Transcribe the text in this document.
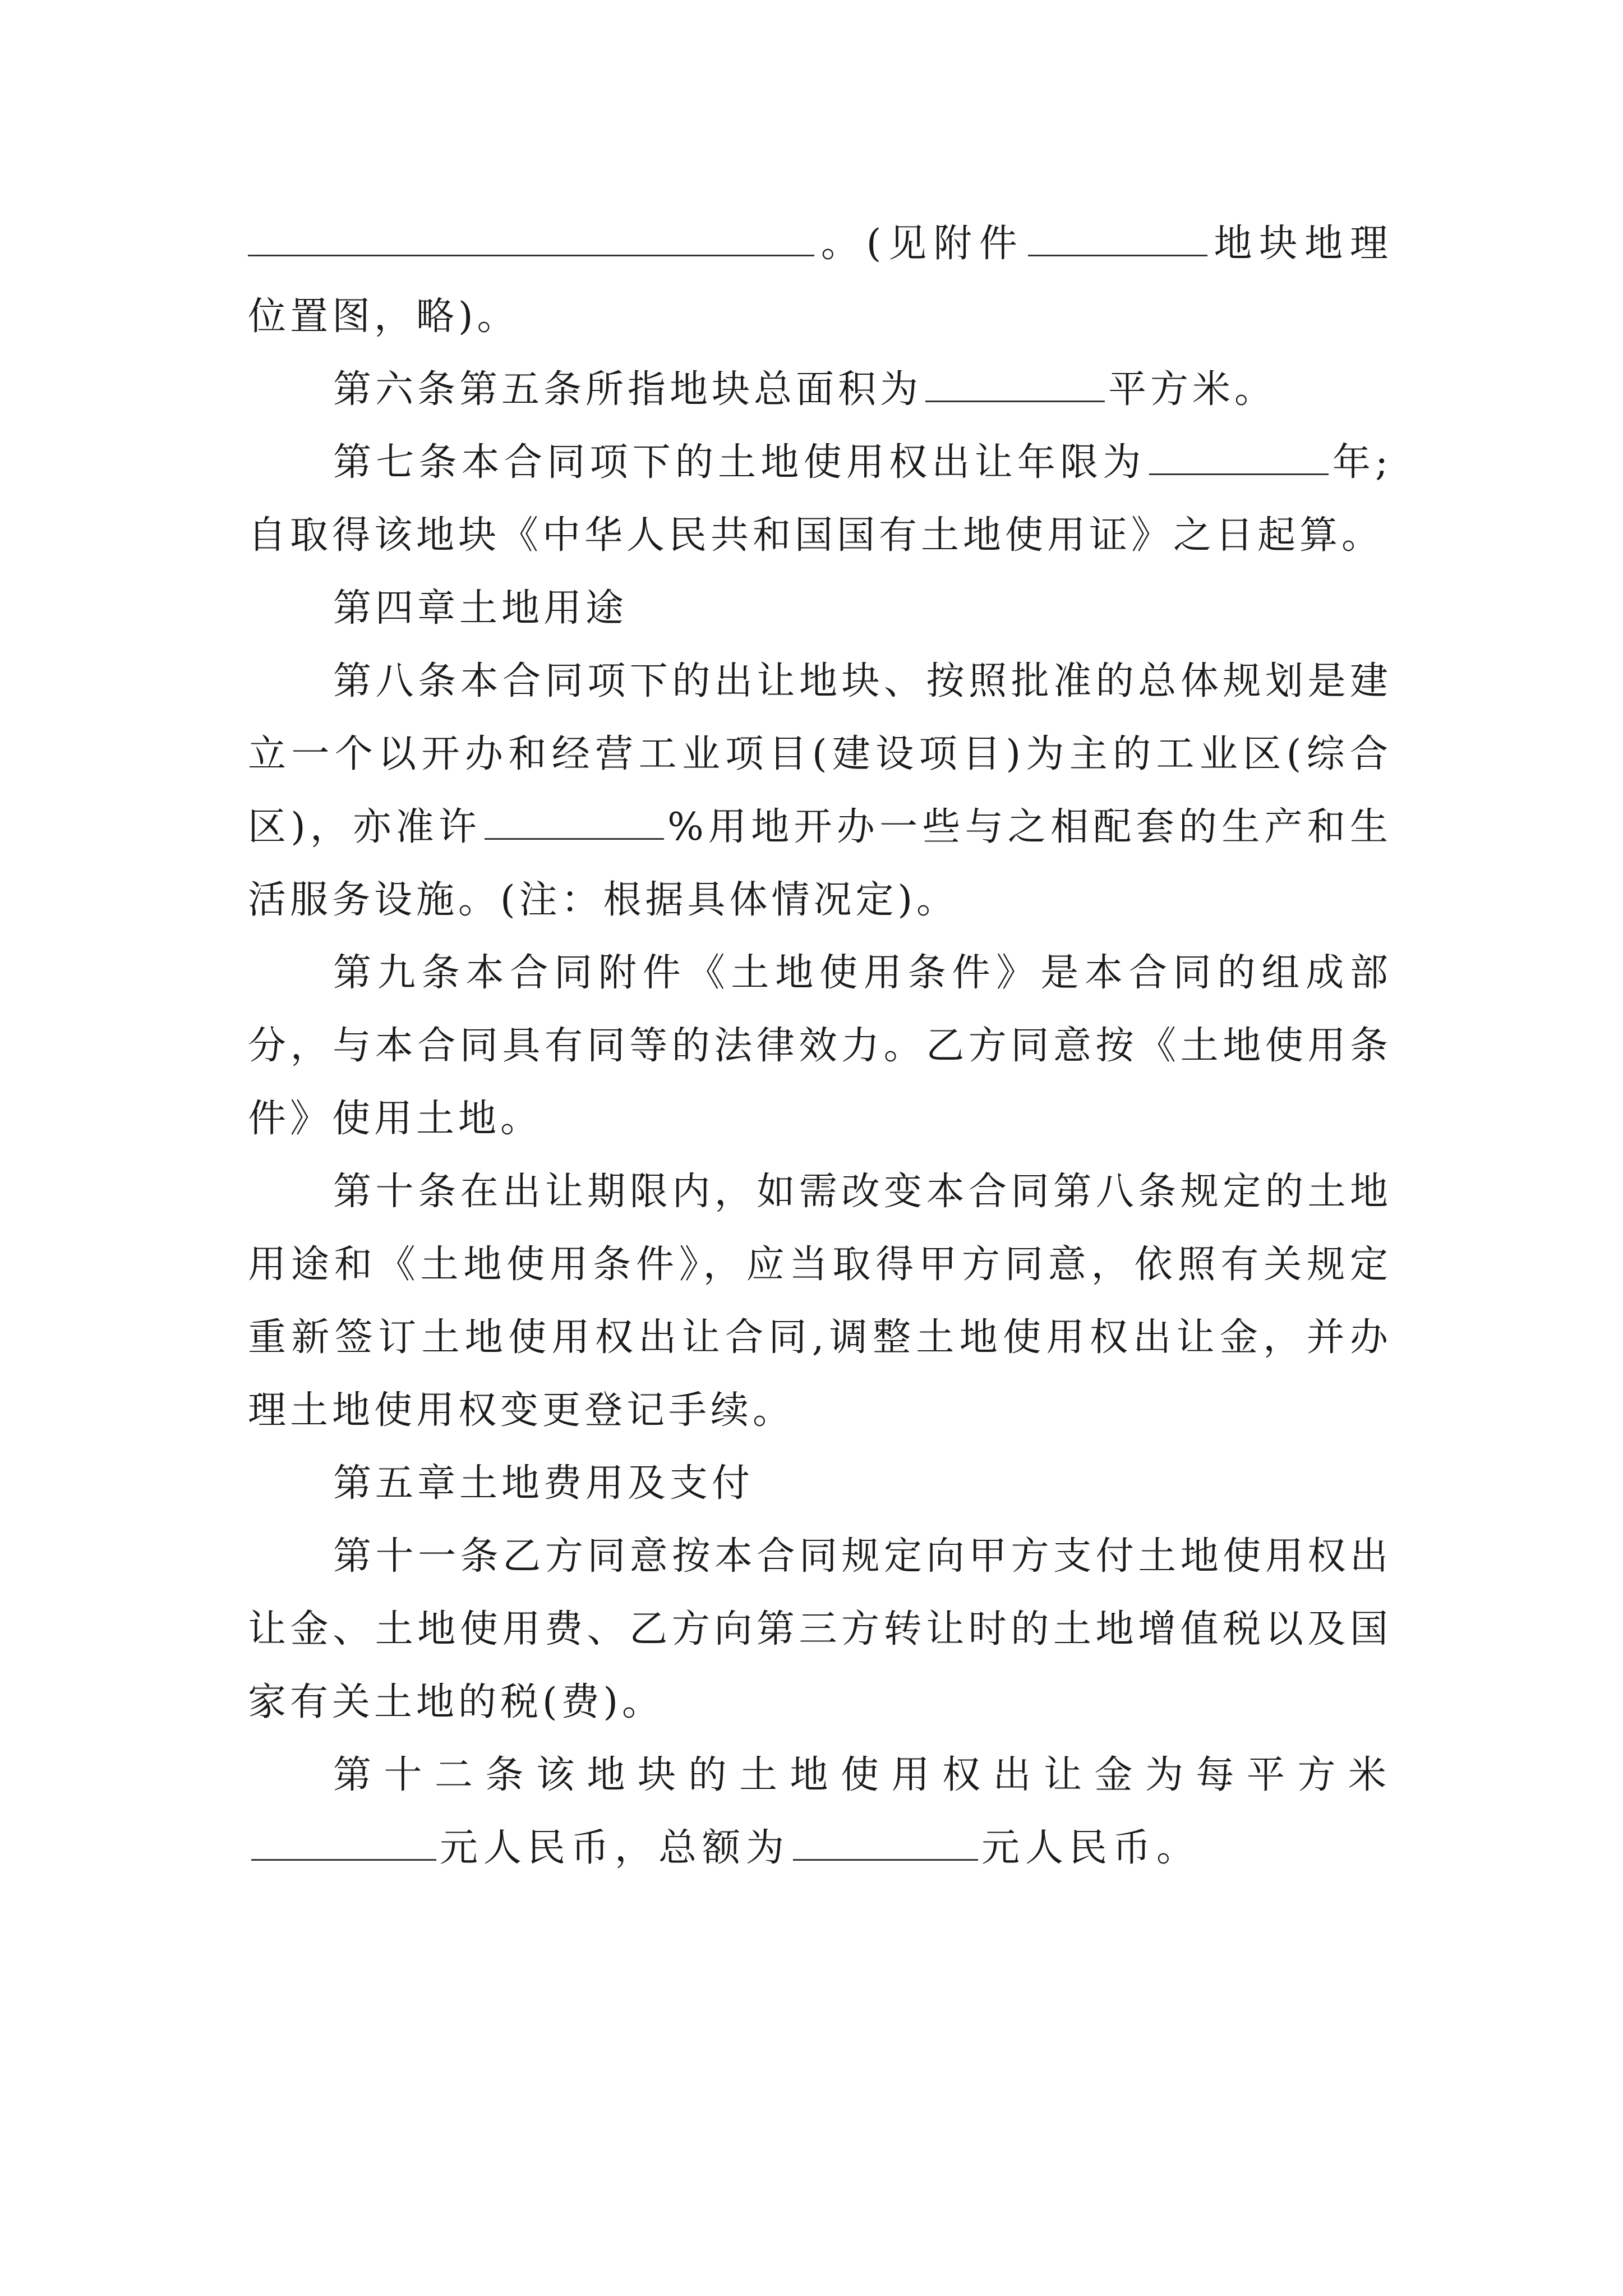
。(见附件	地块地理位置图，略)。

第六条第五条所指地块总面积为	平方米。

第七条本合同项下的土地使用权出让年限为	年;自取得该地块《中华人民共和国国有土地使用证》之日起算。

第四章土地用途

第八条本合同项下的出让地块、按照批准的总体规划是建立一个以开办和经营工业项目(建设项目)为主的工业区(综合区)，亦准许	%用地开办一些与之相配套的生产和生活服务设施。(注：根据具体情况定)。

第九条本合同附件《土地使用条件》是本合同的组成部分，与本合同具有同等的法律效力。乙方同意按《土地使用条件》使用土地。

第十条在出让期限内，如需改变本合同第八条规定的土地用途和《土地使用条件》，应当取得甲方同意，依照有关规定重新签订土地使用权出让合同,调整土地使用权出让金，并办理土地使用权变更登记手续。

第五章土地费用及支付

第十一条乙方同意按本合同规定向甲方支付土地使用权出让金、土地使用费、乙方向第三方转让时的土地增值税以及国家有关土地的税(费)。

第十二条该地块的土地使用权出让金为每平方米元人民币，总额为	元人民币。
